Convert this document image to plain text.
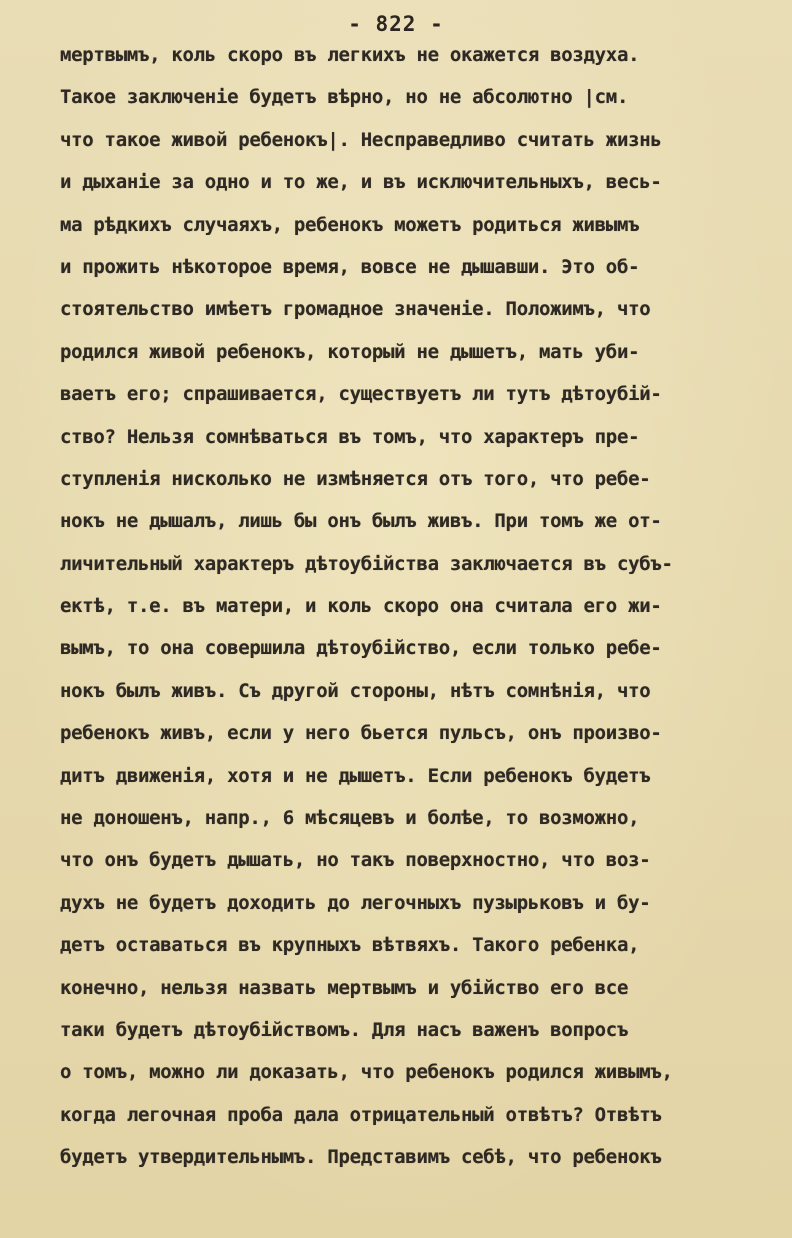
- 822 -
мертвымъ, коль скоро въ легкихъ не окажется воздуха.
Такое заключенiе будетъ вѣрно, но не абсолютно |см.
что такое живой ребенокъ|. Несправедливо считать жизнь
и дыханiе за одно и то же, и въ исключительныхъ, весь-
ма рѣдкихъ случаяхъ, ребенокъ можетъ родиться живымъ
и прожить нѣкоторое время, вовсе не дышавши. Это об-
стоятельство имѣетъ громадное значенiе. Положимъ, что
родился живой ребенокъ, который не дышетъ, мать уби-
ваетъ его; спрашивается, существуетъ ли тутъ дѣтоубiй-
ство? Нельзя сомнѣваться въ томъ, что характеръ пре-
ступленiя нисколько не измѣняется отъ того, что ребе-
нокъ не дышалъ, лишь бы онъ былъ живъ. При томъ же от-
личительный характеръ дѣтоубiйства заключается въ субъ-
ектѣ, т.е. въ матери, и коль скоро она считала его жи-
вымъ, то она совершила дѣтоубiйство, если только ребе-
нокъ былъ живъ. Съ другой стороны, нѣтъ сомнѣнiя, что
ребенокъ живъ, если у него бьется пульсъ, онъ произво-
дитъ движенiя, хотя и не дышетъ. Если ребенокъ будетъ
не доношенъ, напр., 6 мѣсяцевъ и болѣе, то возможно,
что онъ будетъ дышать, но такъ поверхностно, что воз-
духъ не будетъ доходить до легочныхъ пузырьковъ и бу-
детъ оставаться въ крупныхъ вѣтвяхъ. Такого ребенка,
конечно, нельзя назвать мертвымъ и убiйство его все
таки будетъ дѣтоубiйствомъ. Для насъ важенъ вопросъ
о томъ, можно ли доказать, что ребенокъ родился живымъ,
когда легочная проба дала отрицательный отвѣтъ? Отвѣтъ
будетъ утвердительнымъ. Представимъ себѣ, что ребенокъ
